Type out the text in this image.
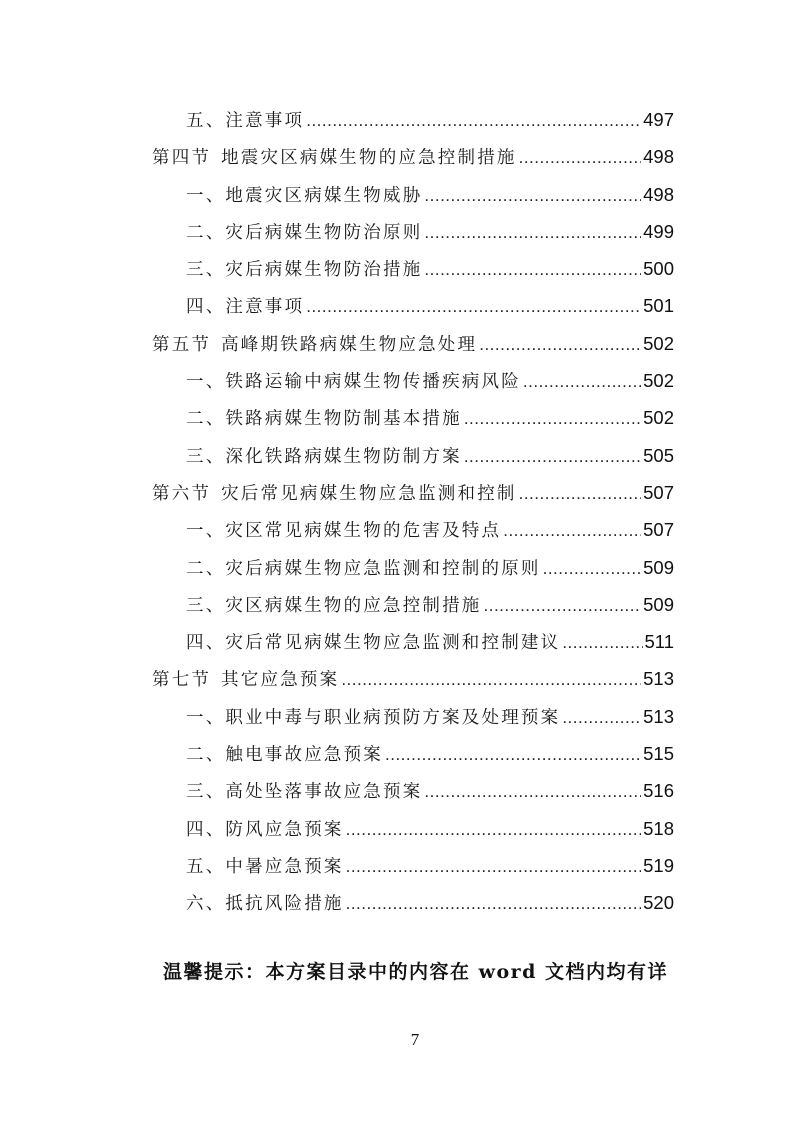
五、注意事项 .....	497
第四节 地震灾区病媒生物的应急控制措施 .....	498
一、地震灾区病媒生物威胁 .....	498
二、灾后病媒生物防治原则 .....	499
三、灾后病媒生物防治措施 .....	500
四、注意事项 .....	501
第五节 高峰期铁路病媒生物应急处理 .....	502
一、铁路运输中病媒生物传播疾病风险 .....	502
二、铁路病媒生物防制基本措施 .....	502
三、深化铁路病媒生物防制方案 .....	505
第六节 灾后常见病媒生物应急监测和控制 .....	507
一、灾区常见病媒生物的危害及特点 .....	507
二、灾后病媒生物应急监测和控制的原则 .....	509
三、灾区病媒生物的应急控制措施 .....	509
四、灾后常见病媒生物应急监测和控制建议 .....	511
第七节 其它应急预案 .....	513
一、职业中毒与职业病预防方案及处理预案 .....	513
二、触电事故应急预案 .....	515
三、高处坠落事故应急预案 .....	516
四、防风应急预案 .....	518
五、中暑应急预案 .....	519
六、抵抗风险措施 .....	520
温馨提示：本方案目录中的内容在 word 文档内均有详
7
